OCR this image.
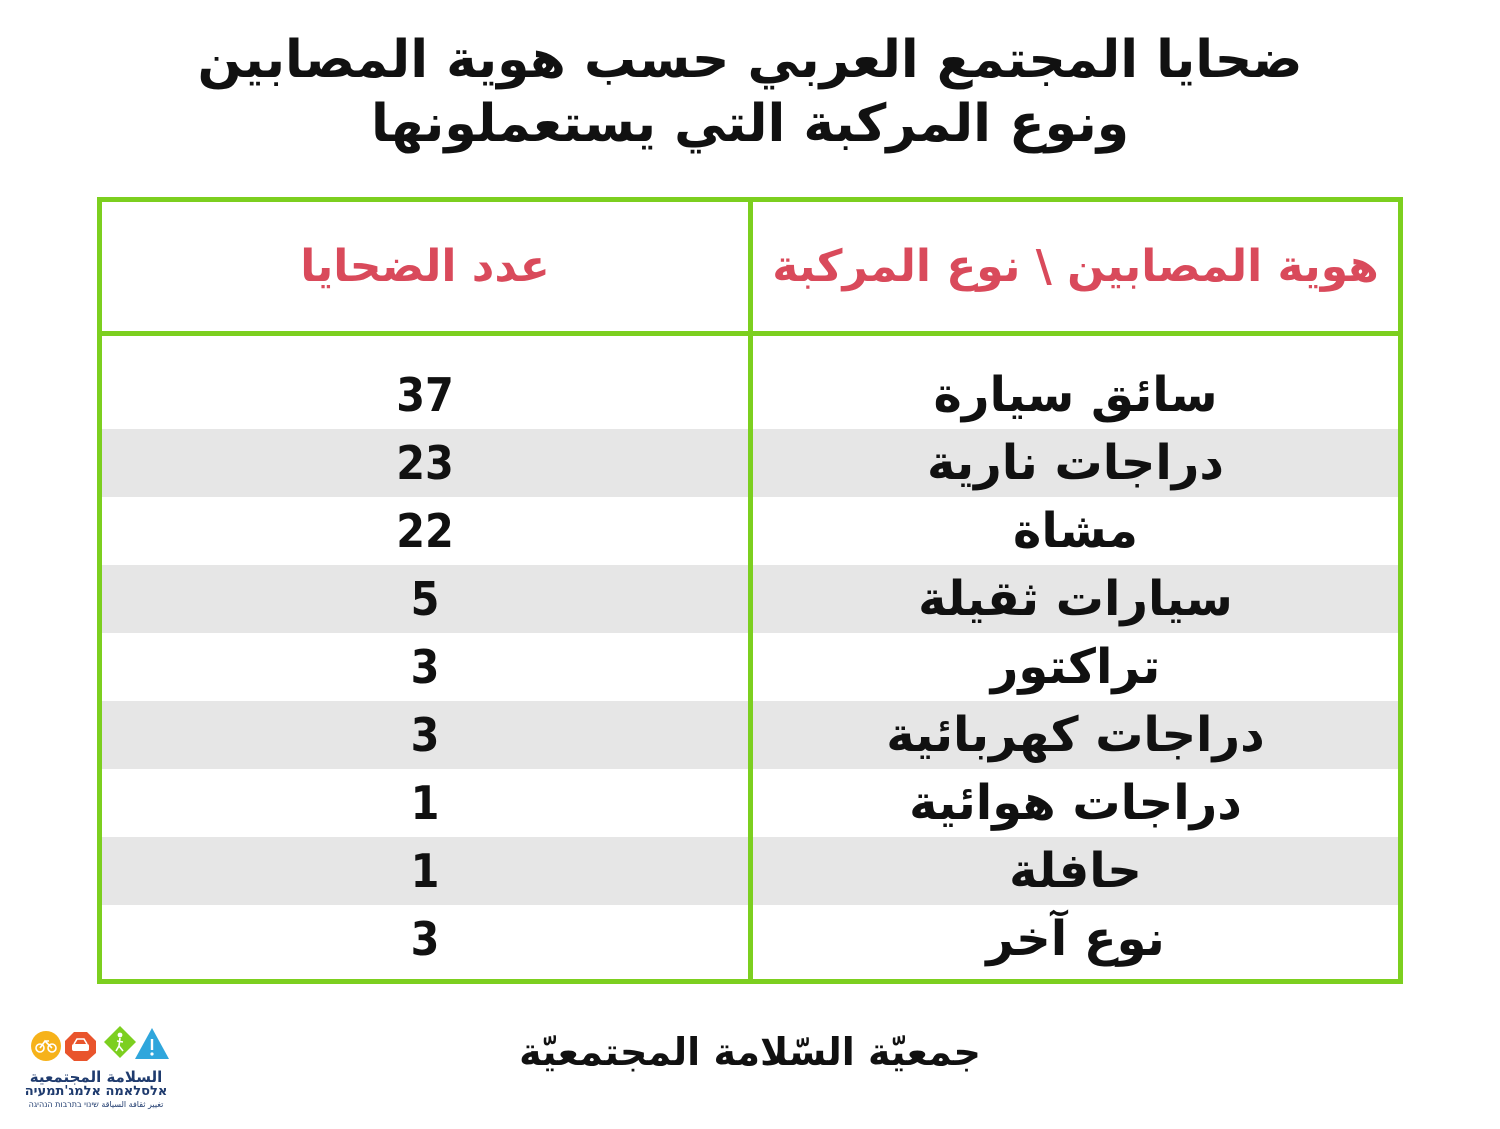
ضحايا المجتمع العربي حسب هوية المصابين
ونوع المركبة التي يستعملونها
هوية المصابين \ نوع المركبة
عدد الضحايا
سائق سيارة
37
دراجات نارية
23
مشاة
22
سيارات ثقيلة
5
تراكتور
3
دراجات كهربائية
3
دراجات هوائية
1
حافلة
1
نوع آخر
3
جمعيّة السّلامة المجتمعيّة
السلامة المجتمعية
אלסלאמה אלמג'תמעיה
تغيير ثقافة السياقة שינוי בתרבות הנהיגה
